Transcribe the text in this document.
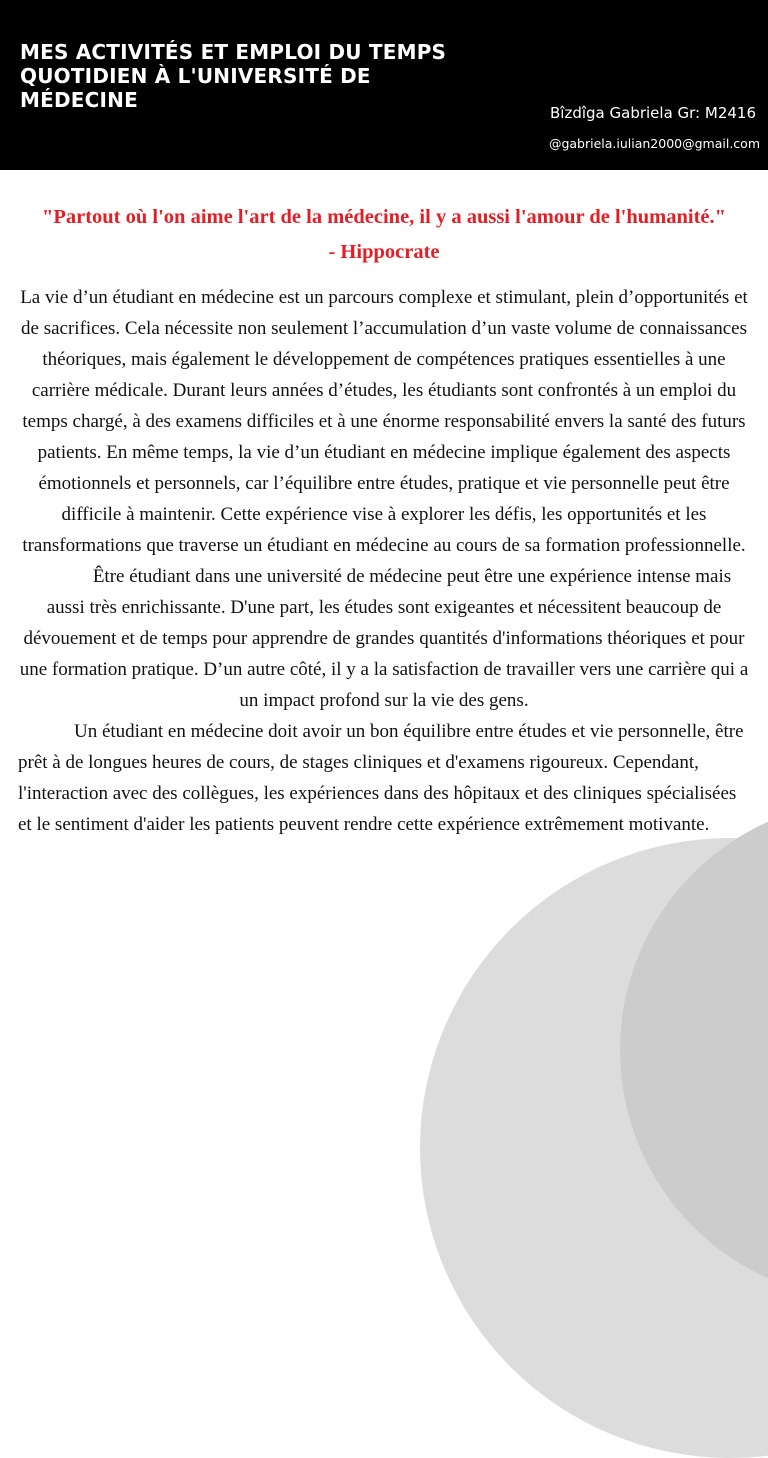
MES ACTIVITÉS ET EMPLOI DU TEMPS QUOTIDIEN À L'UNIVERSITÉ DE MÉDECINE
Bîzdîga Gabriela Gr: M2416
@gabriela.iulian2000@gmail.com
"Partout où l'on aime l'art de la médecine, il y a aussi l'amour de l'humanité." - Hippocrate

La vie d’un étudiant en médecine est un parcours complexe et stimulant, plein d’opportunités et de sacrifices. Cela nécessite non seulement l’accumulation d’un vaste volume de connaissances théoriques, mais également le développement de compétences pratiques essentielles à une carrière médicale. Durant leurs années d’études, les étudiants sont confrontés à un emploi du temps chargé, à des examens difficiles et à une énorme responsabilité envers la santé des futurs patients. En même temps, la vie d’un étudiant en médecine implique également des aspects émotionnels et personnels, car l’équilibre entre études, pratique et vie personnelle peut être difficile à maintenir. Cette expérience vise à explorer les défis, les opportunités et les transformations que traverse un étudiant en médecine au cours de sa formation professionnelle.

Être étudiant dans une université de médecine peut être une expérience intense mais aussi très enrichissante. D'une part, les études sont exigeantes et nécessitent beaucoup de dévouement et de temps pour apprendre de grandes quantités d'informations théoriques et pour une formation pratique. D’un autre côté, il y a la satisfaction de travailler vers une carrière qui a un impact profond sur la vie des gens.

Un étudiant en médecine doit avoir un bon équilibre entre études et vie personnelle, être prêt à de longues heures de cours, de stages cliniques et d'examens rigoureux. Cependant, l'interaction avec des collègues, les expériences dans des hôpitaux et des cliniques spécialisées et le sentiment d'aider les patients peuvent rendre cette expérience extrêmement motivante.
